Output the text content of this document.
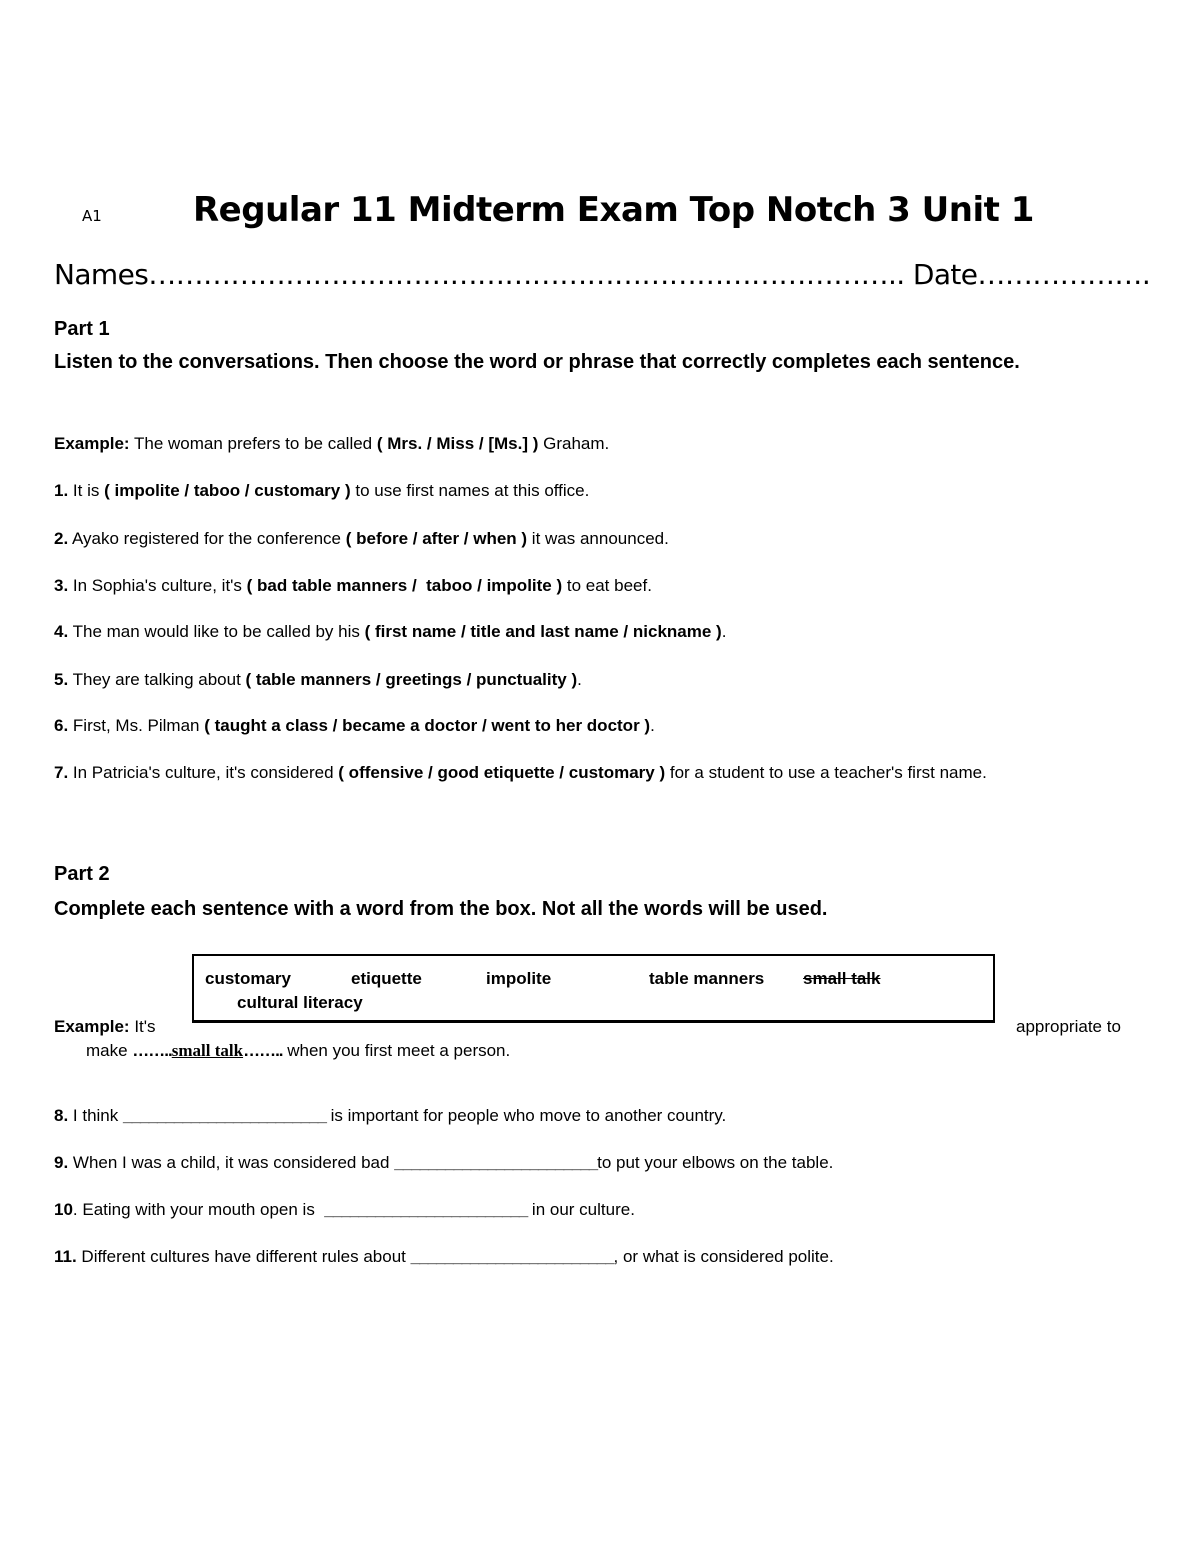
A1	Regular 11 Midterm Exam Top Notch 3 Unit 1
Names……………………………………………………………………….. Date……………….
Part 1
Listen to the conversations. Then choose the word or phrase that correctly completes each sentence.
Example: The woman prefers to be called ( Mrs. / Miss / [Ms.] ) Graham.
1. It is ( impolite / taboo / customary ) to use first names at this office.
2. Ayako registered for the conference ( before / after / when ) it was announced.
3. In Sophia's culture, it's ( bad table manners /  taboo / impolite ) to eat beef.
4. The man would like to be called by his ( first name / title and last name / nickname ).
5. They are talking about ( table manners / greetings / punctuality ).
6. First, Ms. Pilman ( taught a class / became a doctor / went to her doctor ).
7. In Patricia's culture, it's considered ( offensive / good etiquette / customary ) for a student to use a teacher's first name.
Part 2
Complete each sentence with a word from the box. Not all the words will be used.
customary	etiquette	impolite	table manners small talk
cultural literacy
Example: It's	appropriate to
make ……..small talk…….. when you first meet a person.
8. I think ________________________ is important for people who move to another country.
9. When I was a child, it was considered bad ________________________to put your elbows on the table.
10. Eating with your mouth open is  ________________________ in our culture.
11. Different cultures have different rules about ________________________, or what is considered polite.
